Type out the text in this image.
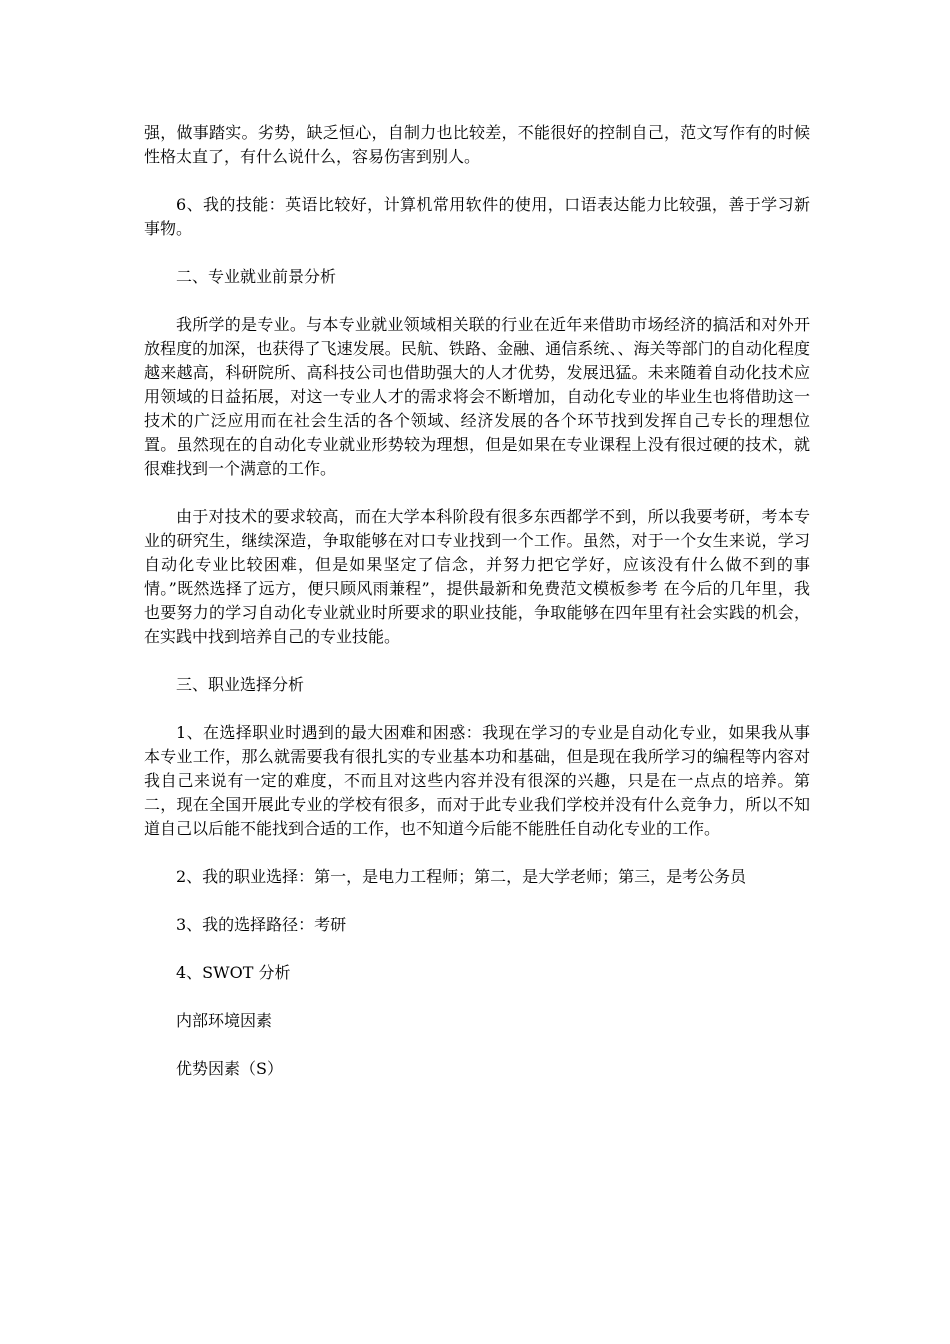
强，做事踏实。劣势，缺乏恒心，自制力也比较差，不能很好的控制自己，范文写作有的时候性格太直了，有什么说什么，容易伤害到别人。

6、我的技能：英语比较好，计算机常用软件的使用，口语表达能力比较强，善于学习新事物。

二、专业就业前景分析

我所学的是专业。与本专业就业领域相关联的行业在近年来借助市场经济的搞活和对外开放程度的加深，也获得了飞速发展。民航、铁路、金融、通信系统、、海关等部门的自动化程度越来越高，科研院所、高科技公司也借助强大的人才优势，发展迅猛。未来随着自动化技术应用领域的日益拓展，对这一专业人才的需求将会不断增加，自动化专业的毕业生也将借助这一技术的广泛应用而在社会生活的各个领域、经济发展的各个环节找到发挥自己专长的理想位置。虽然现在的自动化专业就业形势较为理想，但是如果在专业课程上没有很过硬的技术，就很难找到一个满意的工作。

由于对技术的要求较高，而在大学本科阶段有很多东西都学不到，所以我要考研，考本专业的研究生，继续深造，争取能够在对口专业找到一个工作。虽然，对于一个女生来说，学习自动化专业比较困难，但是如果坚定了信念，并努力把它学好，应该没有什么做不到的事情。”既然选择了远方，便只顾风雨兼程”，提供最新和免费范文模板参考 在今后的几年里，我也要努力的学习自动化专业就业时所要求的职业技能，争取能够在四年里有社会实践的机会，在实践中找到培养自己的专业技能。

三、职业选择分析

1、在选择职业时遇到的最大困难和困惑：我现在学习的专业是自动化专业，如果我从事本专业工作，那么就需要我有很扎实的专业基本功和基础，但是现在我所学习的编程等内容对我自己来说有一定的难度，不而且对这些内容并没有很深的兴趣，只是在一点点的培养。第二，现在全国开展此专业的学校有很多，而对于此专业我们学校并没有什么竞争力，所以不知道自己以后能不能找到合适的工作，也不知道今后能不能胜任自动化专业的工作。

2、我的职业选择：第一，是电力工程师；第二，是大学老师；第三，是考公务员

3、我的选择路径：考研

4、SWOT 分析

内部环境因素

优势因素（S）
